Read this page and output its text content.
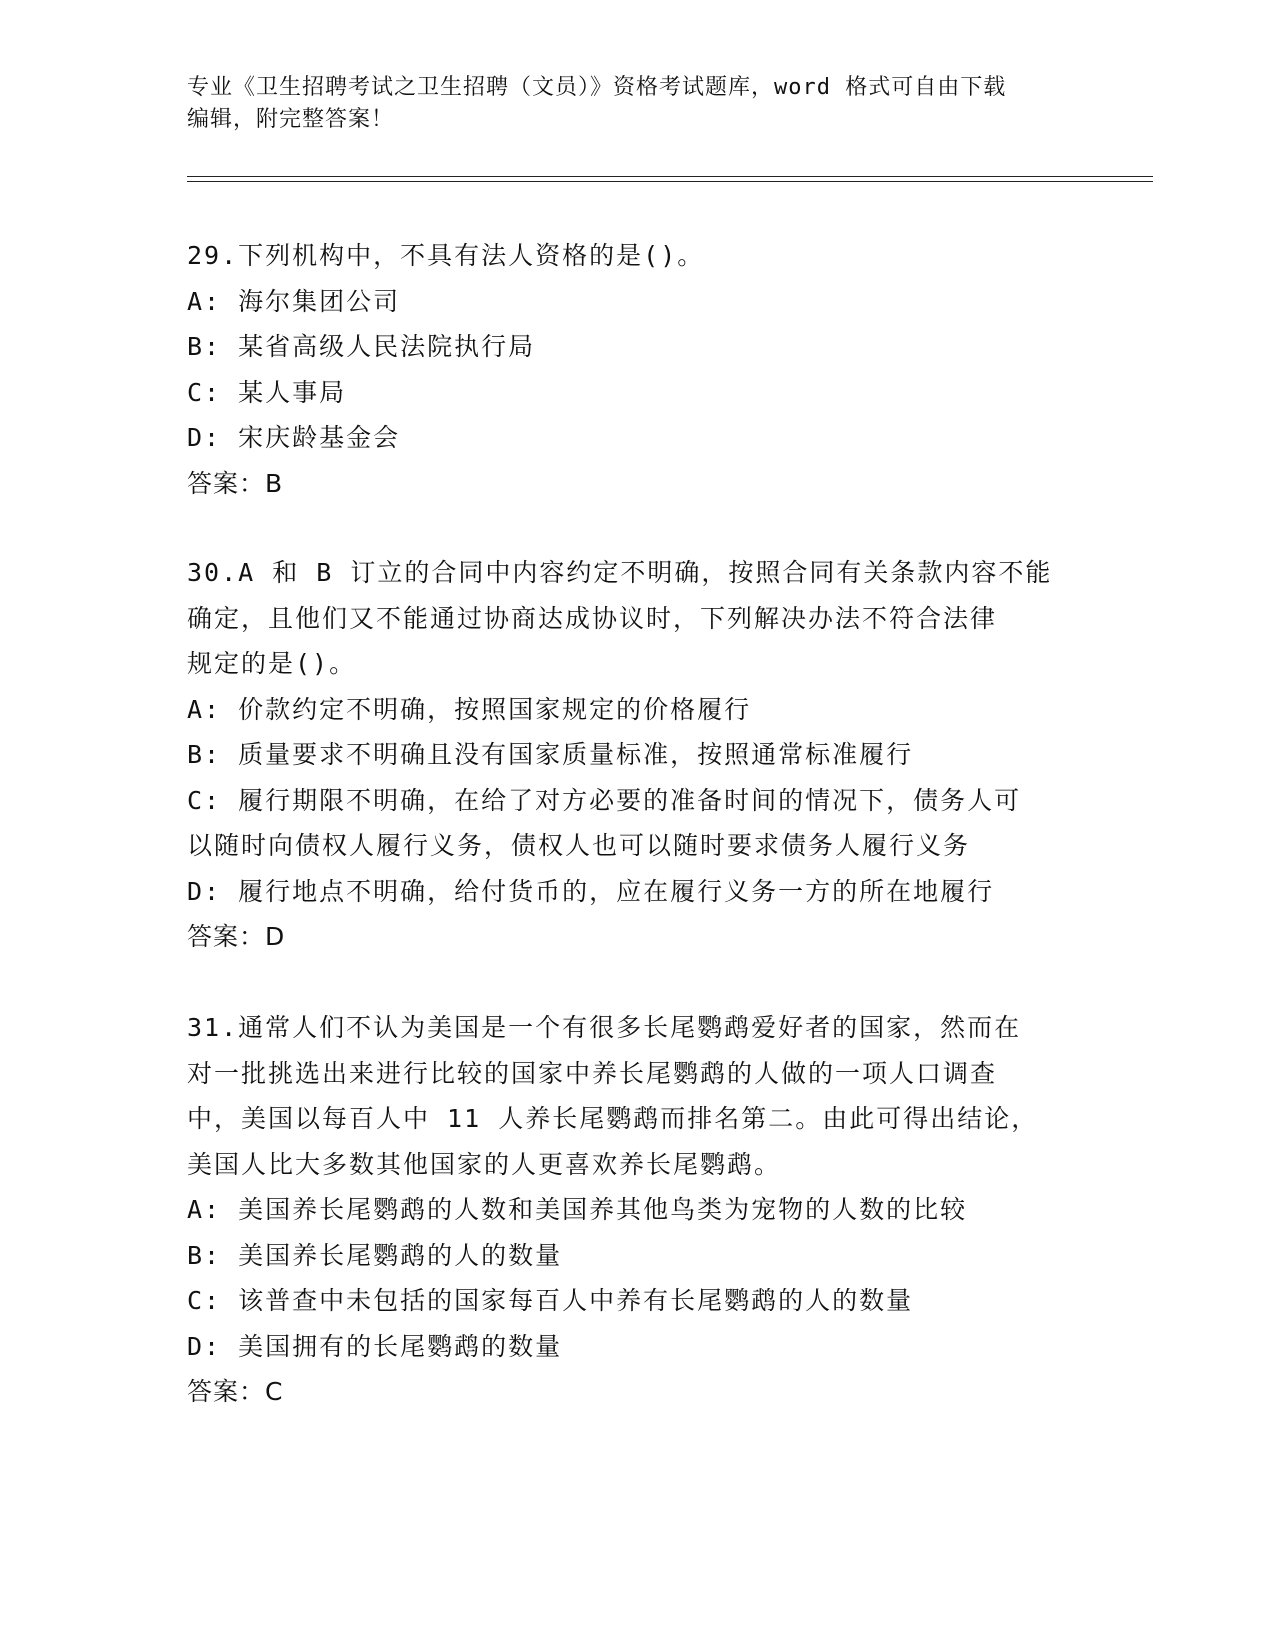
专业《卫生招聘考试之卫生招聘（文员）》资格考试题库，word 格式可自由下载
编辑，附完整答案！
29.下列机构中，不具有法人资格的是()。
A: 海尔集团公司
B: 某省高级人民法院执行局
C: 某人事局
D: 宋庆龄基金会
答案：B
30.A 和 B 订立的合同中内容约定不明确，按照合同有关条款内容不能
确定，且他们又不能通过协商达成协议时，下列解决办法不符合法律
规定的是()。
A: 价款约定不明确，按照国家规定的价格履行
B: 质量要求不明确且没有国家质量标准，按照通常标准履行
C: 履行期限不明确，在给了对方必要的准备时间的情况下，债务人可
以随时向债权人履行义务，债权人也可以随时要求债务人履行义务
D: 履行地点不明确，给付货币的，应在履行义务一方的所在地履行
答案：D
31.通常人们不认为美国是一个有很多长尾鹦鹉爱好者的国家，然而在
对一批挑选出来进行比较的国家中养长尾鹦鹉的人做的一项人口调查
中，美国以每百人中 11 人养长尾鹦鹉而排名第二。由此可得出结论，
美国人比大多数其他国家的人更喜欢养长尾鹦鹉。
A: 美国养长尾鹦鹉的人数和美国养其他鸟类为宠物的人数的比较
B: 美国养长尾鹦鹉的人的数量
C: 该普查中未包括的国家每百人中养有长尾鹦鹉的人的数量
D: 美国拥有的长尾鹦鹉的数量
答案：C
